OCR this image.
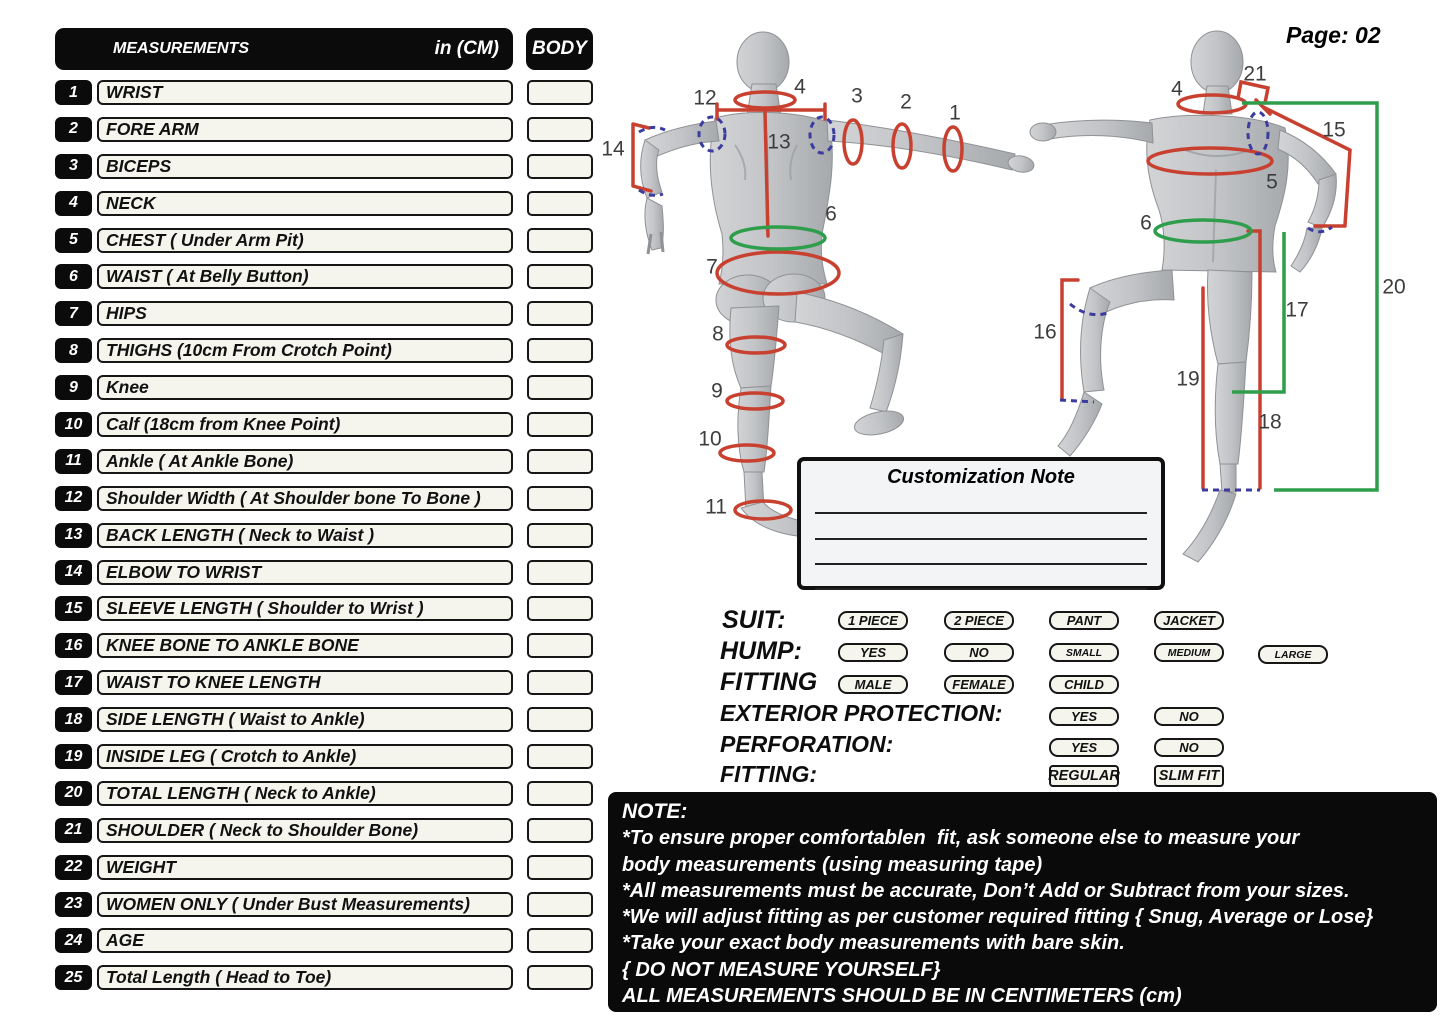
MEASUREMENTS	in (CM)	BODY
1	WRIST
2	FORE ARM
3	BICEPS
4	NECK
5	CHEST ( Under Arm Pit)
6	WAIST ( At Belly Button)
7	HIPS
8	THIGHS (10cm From Crotch Point)
9	Knee
10	Calf (18cm from Knee Point)
11	Ankle ( At Ankle Bone)
12	Shoulder Width ( At Shoulder bone To Bone )
13	BACK LENGTH ( Neck to Waist )
14	ELBOW TO WRIST
15	SLEEVE LENGTH ( Shoulder to Wrist )
16	KNEE BONE TO ANKLE BONE
17	WAIST TO KNEE LENGTH
18	SIDE LENGTH ( Waist to Ankle)
19	INSIDE LEG ( Crotch to Ankle)
20	TOTAL LENGTH ( Neck to Ankle)
21	SHOULDER ( Neck to Shoulder Bone)
22	WEIGHT
23	WOMEN ONLY ( Under Bust Measurements)
24	AGE
25	Total Length ( Head to Toe)
Page: 02
12	4 3 2 1
14	13
6
7
8
9
10
11
4
21
15
5
6
20
17
16
19
18
Customization Note
SUIT:	1 PIECE	2 PIECE	PANT	JACKET
HUMP:	YES	NO	SMALL	MEDIUM	LARGE
FITTING	MALE	FEMALE	CHILD
EXTERIOR PROTECTION:	YES	NO
PERFORATION:	YES	NO
FITTING:	REGULAR	SLIM FIT
NOTE:
*To ensure proper comfortablen  fit, ask someone else to measure your
body measurements (using measuring tape)
*All measurements must be accurate, Don’t Add or Subtract from your sizes.
*We will adjust fitting as per customer required fitting { Snug, Average or Lose}
*Take your exact body measurements with bare skin.
{ DO NOT MEASURE YOURSELF}
ALL MEASUREMENTS SHOULD BE IN CENTIMETERS (cm)
